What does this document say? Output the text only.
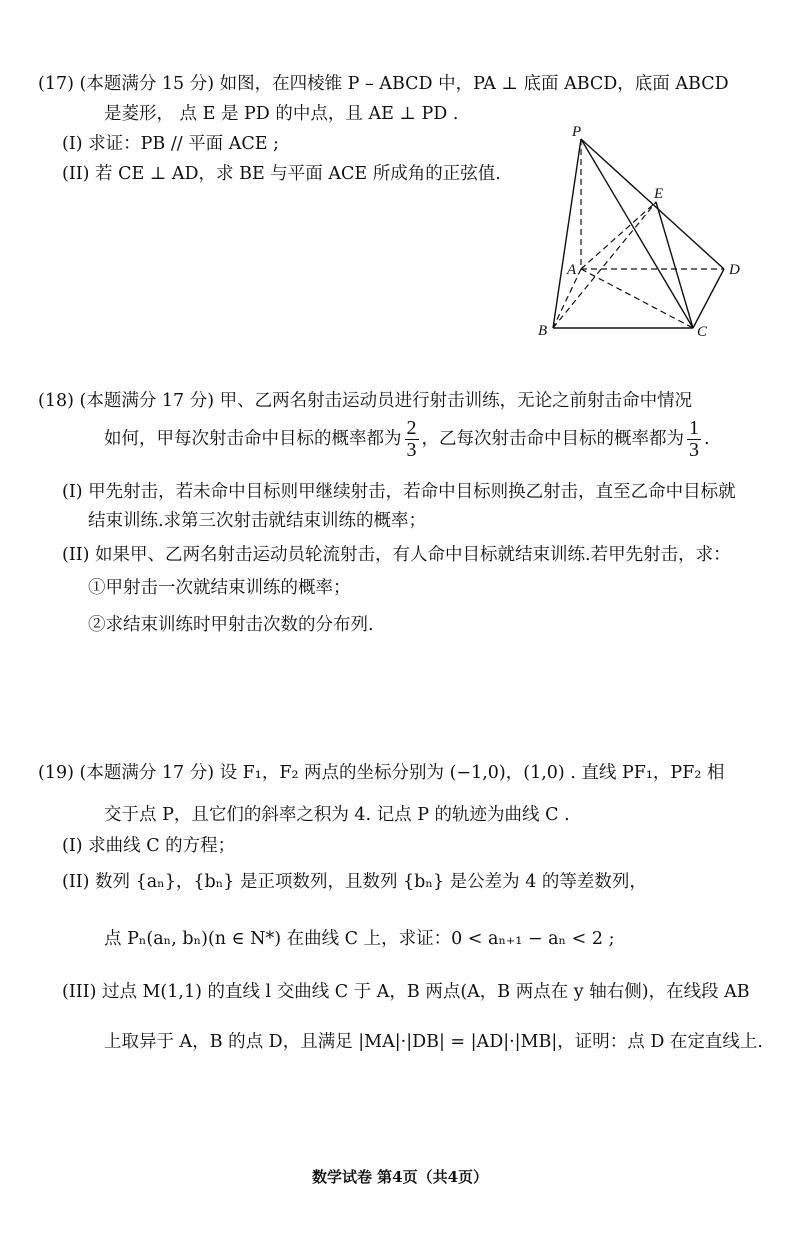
(17) (本题满分 15 分) 如图，在四棱锥 P – ABCD 中，PA ⊥ 底面 ABCD，底面 ABCD
是菱形， 点 E 是 PD 的中点，且 AE ⊥ PD .
(I) 求证：PB // 平面 ACE ;
(II) 若 CE ⊥ AD，求 BE 与平面 ACE 所成角的正弦值.
P
E
A	D
B	C
(18) (本题满分 17 分) 甲、乙两名射击运动员进行射击训练，无论之前射击命中情况
如何，甲每次射击命中目标的概率都为 $\frac{2}{3}$ ，乙每次射击命中目标的概率都为 $\frac{1}{3}$ .
(I) 甲先射击，若未命中目标则甲继续射击，若命中目标则换乙射击，直至乙命中目标就
结束训练.求第三次射击就结束训练的概率；
(II) 如果甲、乙两名射击运动员轮流射击，有人命中目标就结束训练.若甲先射击，求：
①甲射击一次就结束训练的概率；
②求结束训练时甲射击次数的分布列.
(19) (本题满分 17 分) 设 F₁，F₂ 两点的坐标分别为 (−1,0)，(1,0) . 直线 PF₁，PF₂ 相
交于点 P，且它们的斜率之积为 4. 记点 P 的轨迹为曲线 C .
(I) 求曲线 C 的方程；
(II) 数列 {aₙ}，{bₙ} 是正项数列，且数列 {bₙ} 是公差为 4 的等差数列，
点 Pₙ(aₙ, bₙ)(n ∈ N*) 在曲线 C 上，求证：0 < aₙ₊₁ − aₙ < 2 ;
(III) 过点 M(1,1) 的直线 l 交曲线 C 于 A，B 两点(A，B 两点在 y 轴右侧)，在线段 AB
上取异于 A，B 的点 D，且满足 |MA|·|DB| = |AD|·|MB|，证明：点 D 在定直线上.
数学试卷 第4页（共4页）
